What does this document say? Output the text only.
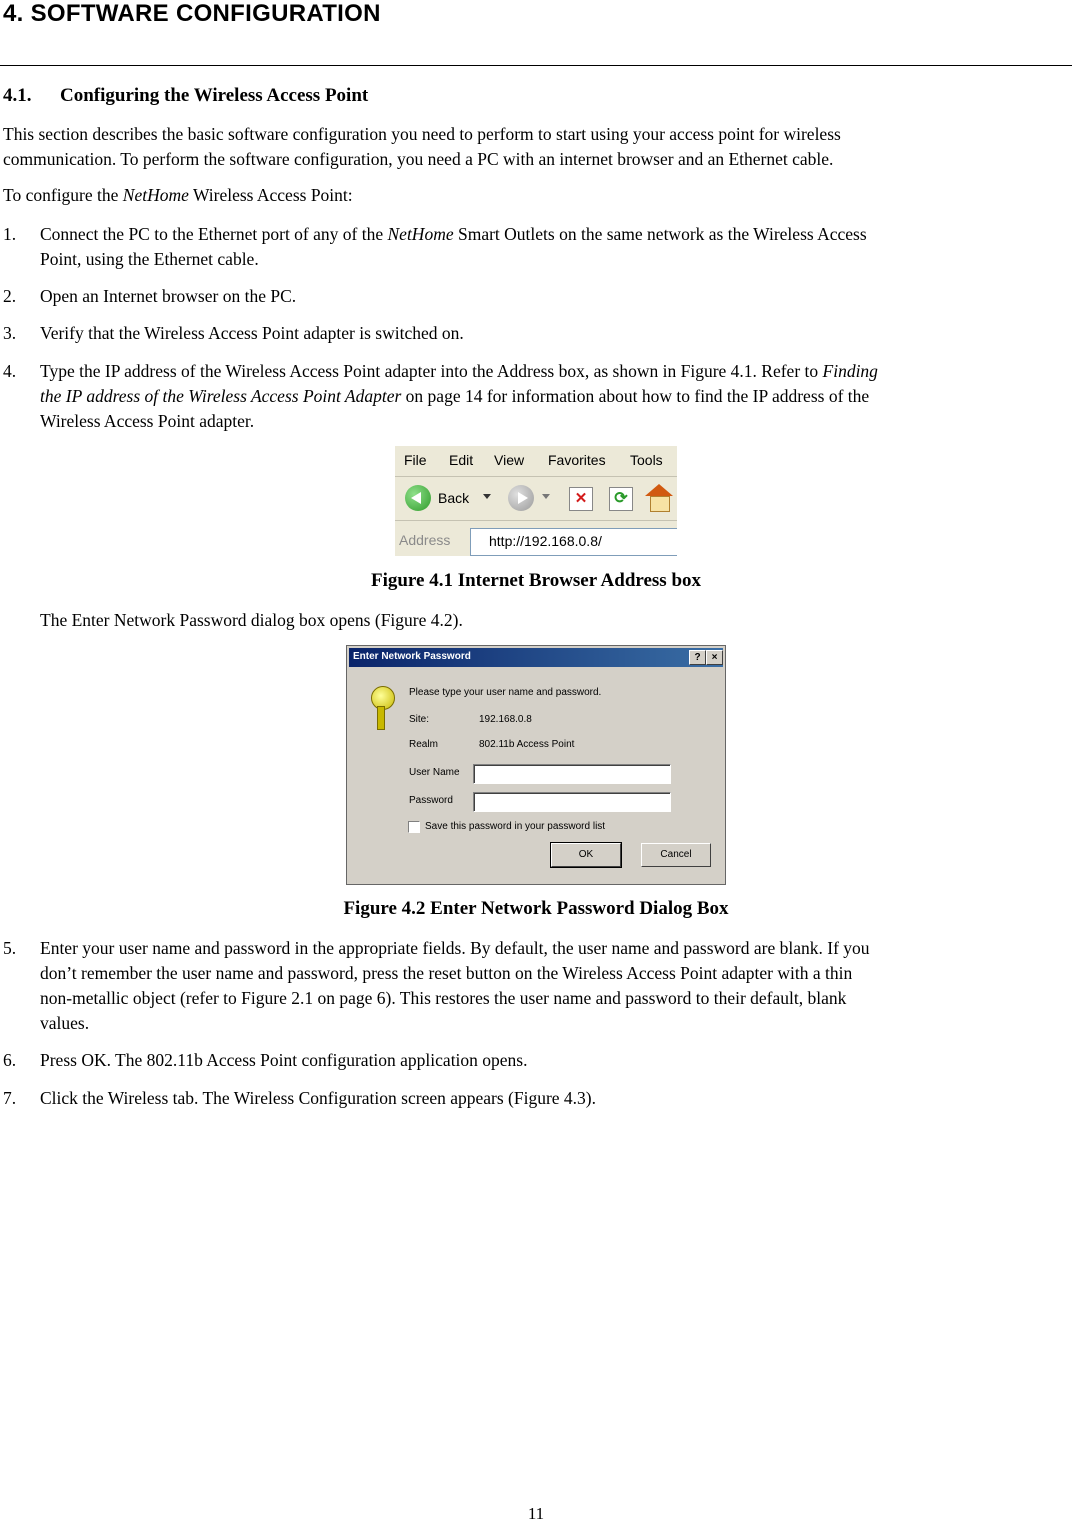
4. SOFTWARE CONFIGURATION
4.1. Configuring the Wireless Access Point

This section describes the basic software configuration you need to perform to start using your access point for wireless
communication. To perform the software configuration, you need a PC with an internet browser and an Ethernet cable.

To configure the NetHome Wireless Access Point:

1. Connect the PC to the Ethernet port of any of the NetHome Smart Outlets on the same network as the Wireless Access
Point, using the Ethernet cable.
2. Open an Internet browser on the PC.
3. Verify that the Wireless Access Point adapter is switched on.
4. Type the IP address of the Wireless Access Point adapter into the Address box, as shown in Figure 4.1. Refer to Finding
the IP address of the Wireless Access Point Adapter on page 14 for information about how to find the IP address of the
Wireless Access Point adapter.
File Edit View Favorites Tools
Back	✕	⟳
Address	http://192.168.0.8/
Figure 4.1 Internet Browser Address box

The Enter Network Password dialog box opens (Figure 4.2).

Enter Network Password	?	×
Please type your user name and password.
Site:	192.168.0.8
Realm	802.11b Access Point
User Name
Password
Save this password in your password list
OK	Cancel
Figure 4.2 Enter Network Password Dialog Box
5. Enter your user name and password in the appropriate fields. By default, the user name and password are blank. If you
don’t remember the user name and password, press the reset button on the Wireless Access Point adapter with a thin
non-metallic object (refer to Figure 2.1 on page 6). This restores the user name and password to their default, blank
values.
6. Press OK. The 802.11b Access Point configuration application opens.
7. Click the Wireless tab. The Wireless Configuration screen appears (Figure 4.3).
11
